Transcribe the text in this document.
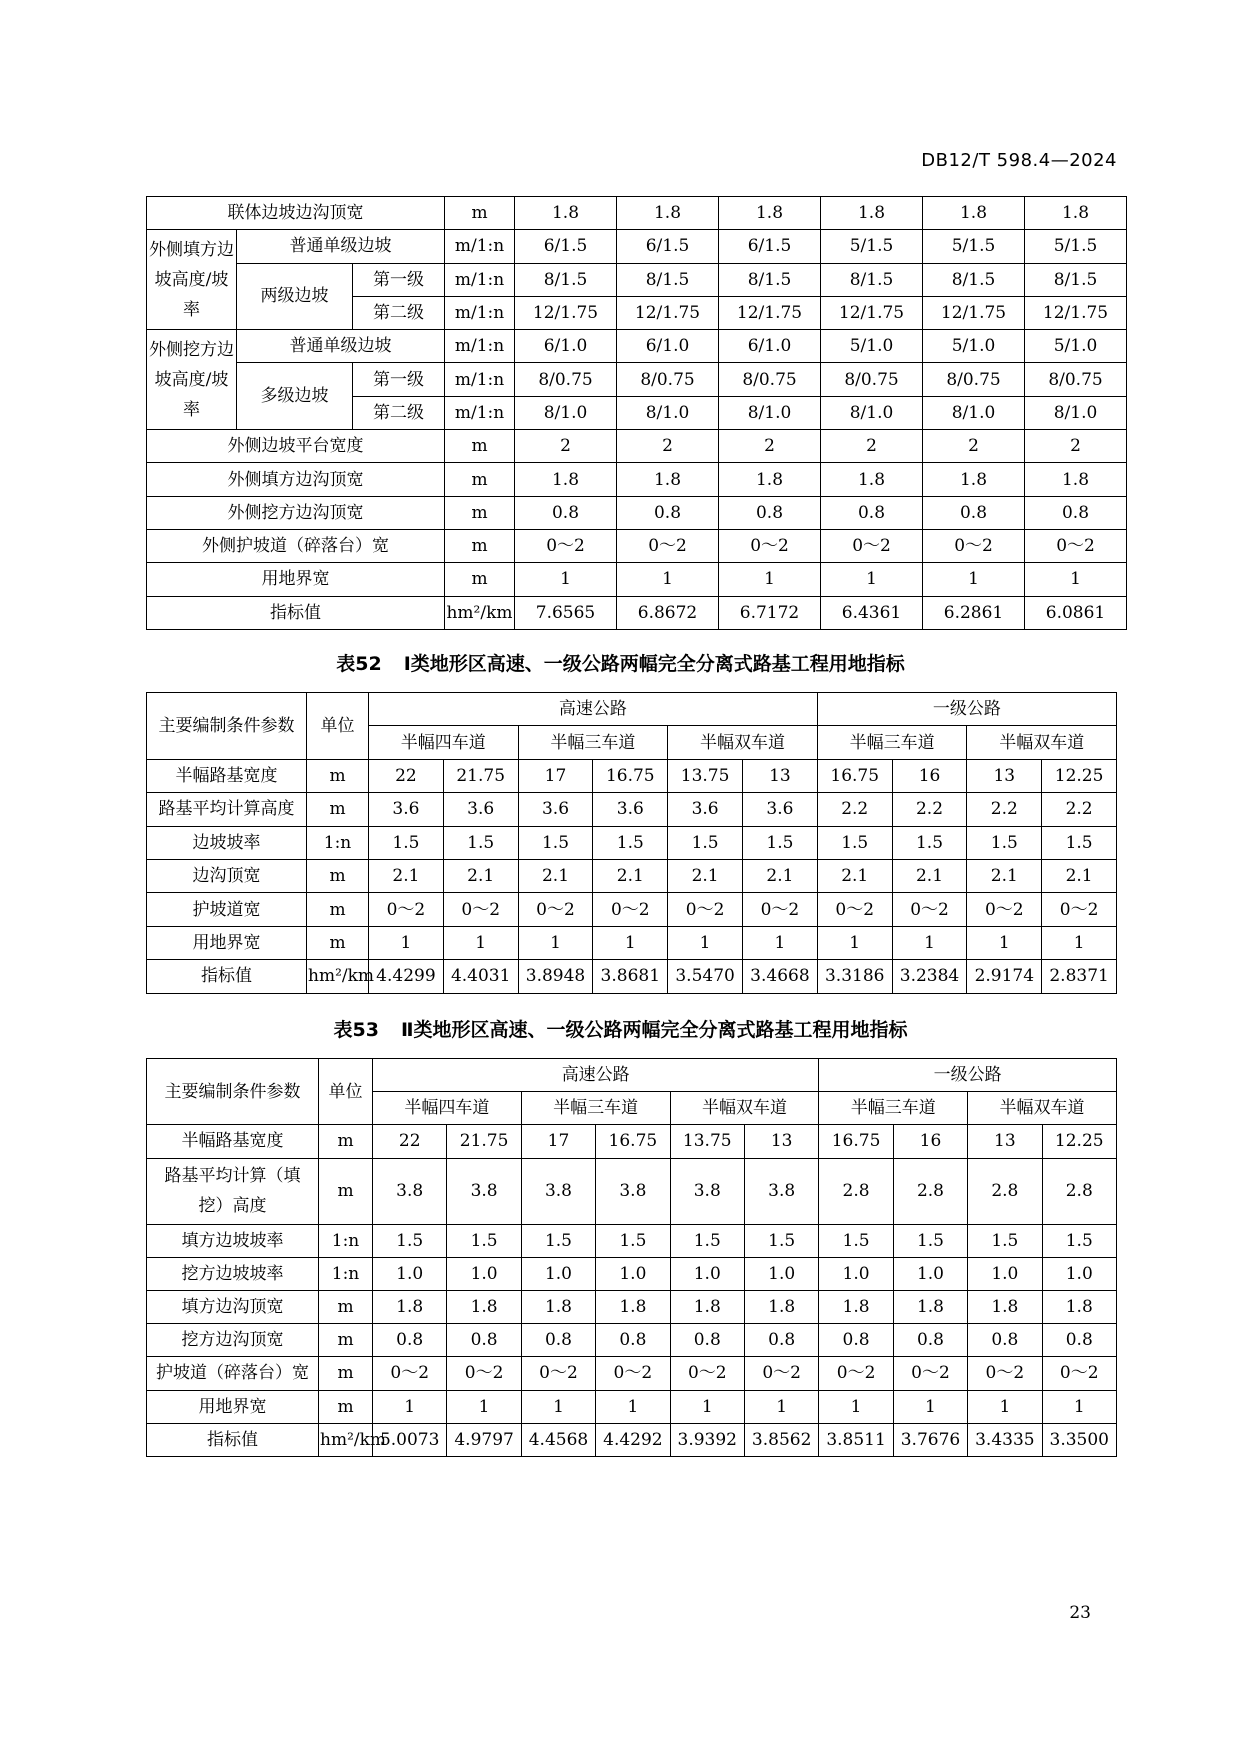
DB12/T 598.4—2024
联体边坡边沟顶宽			m	1.8	1.8	1.8	1.8	1.8	1.8
外侧填方边坡高度/坡率	普通单级边坡		m/1:n	6/1.5	6/1.5	6/1.5	5/1.5	5/1.5	5/1.5
	两级边坡	第一级	m/1:n	8/1.5	8/1.5	8/1.5	8/1.5	8/1.5	8/1.5
		第二级	m/1:n	12/1.75	12/1.75	12/1.75	12/1.75	12/1.75	12/1.75
外侧挖方边坡高度/坡率	普通单级边坡		m/1:n	6/1.0	6/1.0	6/1.0	5/1.0	5/1.0	5/1.0
	多级边坡	第一级	m/1:n	8/0.75	8/0.75	8/0.75	8/0.75	8/0.75	8/0.75
		第二级	m/1:n	8/1.0	8/1.0	8/1.0	8/1.0	8/1.0	8/1.0
外侧边坡平台宽度			m	2	2	2	2	2	2
外侧填方边沟顶宽			m	1.8	1.8	1.8	1.8	1.8	1.8
外侧挖方边沟顶宽			m	0.8	0.8	0.8	0.8	0.8	0.8
外侧护坡道（碎落台）宽			m	0～2	0～2	0～2	0～2	0～2	0～2
用地界宽			m	1	1	1	1	1	1
指标值			hm²/km	7.6565	6.8672	6.7172	6.4361	6.2861	6.0861
表52 Ⅰ类地形区高速、一级公路两幅完全分离式路基工程用地指标
主要编制条件参数	单位	高速公路						一级公路			
		半幅四车道		半幅三车道		半幅双车道		半幅三车道		半幅双车道	
半幅路基宽度	m	22	21.75	17	16.75	13.75	13	16.75	16	13	12.25
路基平均计算高度	m	3.6	3.6	3.6	3.6	3.6	3.6	2.2	2.2	2.2	2.2
边坡坡率	1:n	1.5	1.5	1.5	1.5	1.5	1.5	1.5	1.5	1.5	1.5
边沟顶宽	m	2.1	2.1	2.1	2.1	2.1	2.1	2.1	2.1	2.1	2.1
护坡道宽	m	0～2	0～2	0～2	0～2	0～2	0～2	0～2	0～2	0～2	0～2
用地界宽	m	1	1	1	1	1	1	1	1	1	1
指标值	hm²/km	4.4299	4.4031	3.8948	3.8681	3.5470	3.4668	3.3186	3.2384	2.9174	2.8371
表53 Ⅱ类地形区高速、一级公路两幅完全分离式路基工程用地指标
主要编制条件参数	单位	高速公路						一级公路			
		半幅四车道		半幅三车道		半幅双车道		半幅三车道		半幅双车道	
半幅路基宽度	m	22	21.75	17	16.75	13.75	13	16.75	16	13	12.25
路基平均计算（填挖）高度	m	3.8	3.8	3.8	3.8	3.8	3.8	2.8	2.8	2.8	2.8
填方边坡坡率	1:n	1.5	1.5	1.5	1.5	1.5	1.5	1.5	1.5	1.5	1.5
挖方边坡坡率	1:n	1.0	1.0	1.0	1.0	1.0	1.0	1.0	1.0	1.0	1.0
填方边沟顶宽	m	1.8	1.8	1.8	1.8	1.8	1.8	1.8	1.8	1.8	1.8
挖方边沟顶宽	m	0.8	0.8	0.8	0.8	0.8	0.8	0.8	0.8	0.8	0.8
护坡道（碎落台）宽	m	0～2	0～2	0～2	0～2	0～2	0～2	0～2	0～2	0～2	0～2
用地界宽	m	1	1	1	1	1	1	1	1	1	1
指标值	hm²/km	5.0073	4.9797	4.4568	4.4292	3.9392	3.8562	3.8511	3.7676	3.4335	3.3500
23
